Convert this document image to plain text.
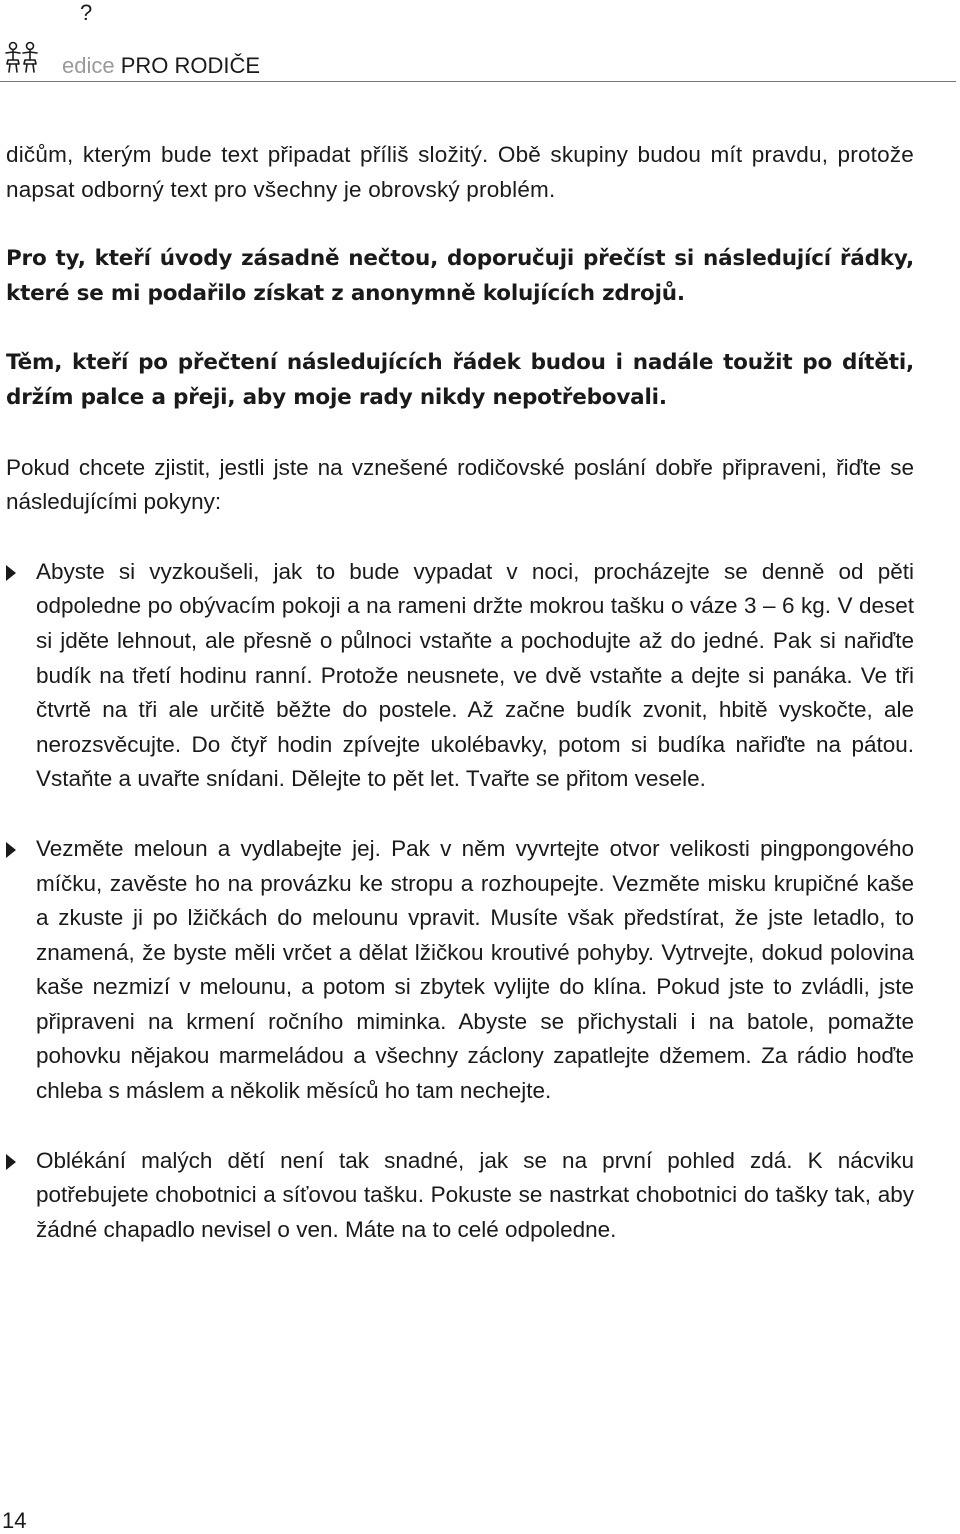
?
edice PRO RODIČE

dičům, kterým bude text připadat příliš složitý. Obě skupiny budou mít pravdu, protože napsat odborný text pro všechny je obrovský problém.

Pro ty, kteří úvody zásadně nečtou, doporučuji přečíst si následující řádky, které se mi podařilo získat z anonymně kolujících zdrojů.

Těm, kteří po přečtení následujících řádek budou i nadále toužit po dítěti, držím palce a přeji, aby moje rady nikdy nepotřebovali.

Pokud chcete zjistit, jestli jste na vznešené rodičovské poslání dobře připraveni, řiďte se následujícími pokyny:

Abyste si vyzkoušeli, jak to bude vypadat v noci, procházejte se denně od pěti odpoledne po obývacím pokoji a na rameni držte mokrou tašku o váze 3 – 6 kg. V deset si jděte lehnout, ale přesně o půlnoci vstaňte a pochodujte až do jedné. Pak si nařiďte budík na třetí hodinu ranní. Protože neusnete, ve dvě vstaňte a dejte si panáka. Ve tři čtvrtě na tři ale určitě běžte do postele. Až začne budík zvonit, hbitě vyskočte, ale nerozsvěcujte. Do čtyř hodin zpívejte ukolébavky, potom si budíka nařiďte na pátou. Vstaňte a uvařte snídani. Dělejte to pět let. Tvařte se přitom vesele.

Vezměte meloun a vydlabejte jej. Pak v něm vyvrtejte otvor velikosti pingpongového míčku, zavěste ho na provázku ke stropu a rozhoupejte. Vezměte misku krupičné kaše a zkuste ji po lžičkách do melounu vpravit. Musíte však předstírat, že jste letadlo, to znamená, že byste měli vrčet a dělat lžičkou kroutivé pohyby. Vytrvejte, dokud polovina kaše nezmizí v melounu, a potom si zbytek vylijte do klína. Pokud jste to zvládli, jste připraveni na krmení ročního miminka. Abyste se přichystali i na batole, pomažte pohovku nějakou marmeládou a všechny záclony zapatlejte džemem. Za rádio hoďte chleba s máslem a několik měsíců ho tam nechejte.

Oblékání malých dětí není tak snadné, jak se na první pohled zdá. K nácviku potřebujete chobotnici a síťovou tašku. Pokuste se nastrkat chobotnici do tašky tak, aby žádné chapadlo nevisel o ven. Máte na to celé odpoledne.

14
